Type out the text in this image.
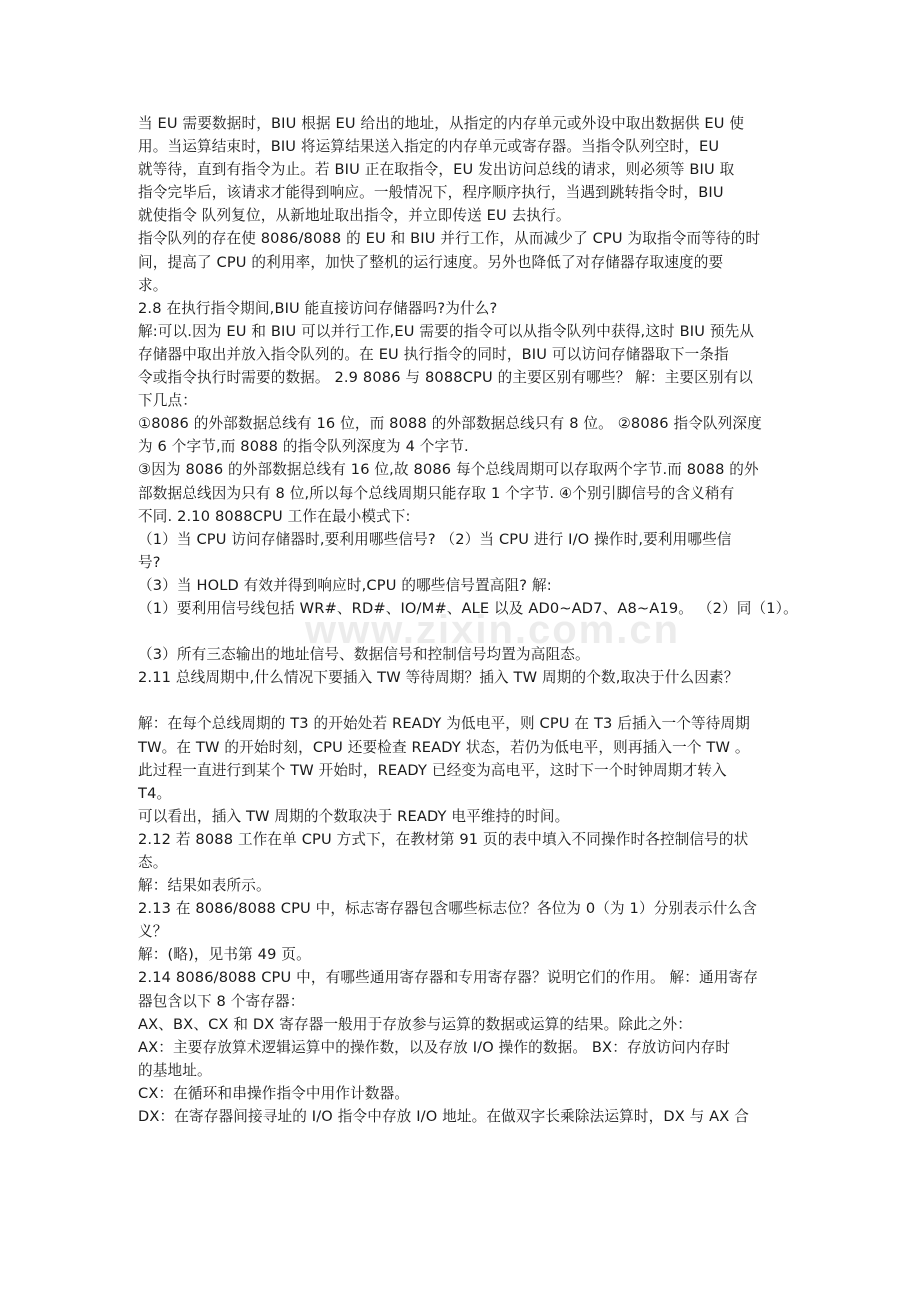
当 EU 需要数据时，BIU 根据 EU 给出的地址，从指定的内存单元或外设中取出数据供 EU 使
用。当运算结束时，BIU 将运算结果送入指定的内存单元或寄存器。当指令队列空时，EU
就等待，直到有指令为止。若 BIU 正在取指令，EU 发出访问总线的请求，则必须等 BIU 取
指令完毕后，该请求才能得到响应。一般情况下，程序顺序执行，当遇到跳转指令时，BIU
就使指令 队列复位，从新地址取出指令，并立即传送 EU 去执行。
指令队列的存在使 8086/8088 的 EU 和 BIU 并行工作，从而减少了 CPU 为取指令而等待的时
间，提高了 CPU 的利用率，加快了整机的运行速度。另外也降低了对存储器存取速度的要
求。
2.8 在执行指令期间,BIU 能直接访问存储器吗?为什么?
解:可以.因为 EU 和 BIU 可以并行工作,EU 需要的指令可以从指令队列中获得,这时 BIU 预先从
存储器中取出并放入指令队列的。在 EU 执行指令的同时，BIU 可以访问存储器取下一条指
令或指令执行时需要的数据。 2.9 8086 与 8088CPU 的主要区别有哪些？ 解：主要区别有以
下几点：
①8086 的外部数据总线有 16 位，而 8088 的外部数据总线只有 8 位。 ②8086 指令队列深度
为 6 个字节,而 8088 的指令队列深度为 4 个字节.
③因为 8086 的外部数据总线有 16 位,故 8086 每个总线周期可以存取两个字节.而 8088 的外
部数据总线因为只有 8 位,所以每个总线周期只能存取 1 个字节. ④个别引脚信号的含义稍有
不同. 2.10 8088CPU 工作在最小模式下:
（1）当 CPU 访问存储器时,要利用哪些信号? （2）当 CPU 进行 I/O 操作时,要利用哪些信
号?
（3）当 HOLD 有效并得到响应时,CPU 的哪些信号置高阻? 解:
（1）要利用信号线包括 WR#、RD#、IO/M#、ALE 以及 AD0~AD7、A8~A19。 （2）同（1）。
（3）所有三态输出的地址信号、数据信号和控制信号均置为高阻态。
2.11 总线周期中,什么情况下要插入 TW 等待周期？插入 TW 周期的个数,取决于什么因素？
解：在每个总线周期的 T3 的开始处若 READY 为低电平，则 CPU 在 T3 后插入一个等待周期
TW。在 TW 的开始时刻，CPU 还要检查 READY 状态，若仍为低电平，则再插入一个 TW 。
此过程一直进行到某个 TW 开始时，READY 已经变为高电平，这时下一个时钟周期才转入
T4。
可以看出，插入 TW 周期的个数取决于 READY 电平维持的时间。
2.12 若 8088 工作在单 CPU 方式下，在教材第 91 页的表中填入不同操作时各控制信号的状
态。
解：结果如表所示。
2.13 在 8086/8088 CPU 中，标志寄存器包含哪些标志位？各位为 0（为 1）分别表示什么含
义？
解：(略)，见书第 49 页。
2.14 8086/8088 CPU 中，有哪些通用寄存器和专用寄存器？说明它们的作用。 解：通用寄存
器包含以下 8 个寄存器：
AX、BX、CX 和 DX 寄存器一般用于存放参与运算的数据或运算的结果。除此之外：
AX：主要存放算术逻辑运算中的操作数，以及存放 I/O 操作的数据。 BX：存放访问内存时
的基地址。
CX：在循环和串操作指令中用作计数器。
DX：在寄存器间接寻址的 I/O 指令中存放 I/O 地址。在做双字长乘除法运算时，DX 与 AX 合
www.zixin.com.cn
